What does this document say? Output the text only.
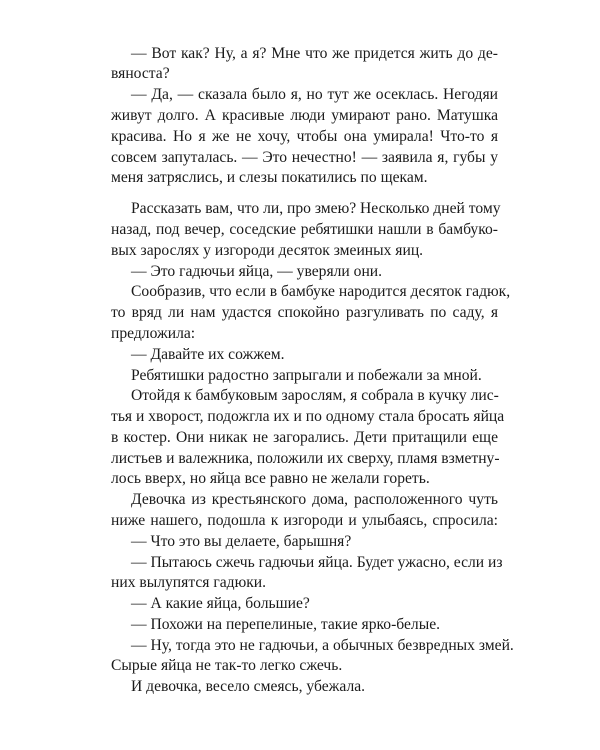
— Вот как? Ну, а я? Мне что же придется жить до де-
вяноста?
— Да, — сказала было я, но тут же осеклась. Негодяи
живут долго. А красивые люди умирают рано. Матушка
красива. Но я же не хочу, чтобы она умирала! Что-то я
совсем запуталась. — Это нечестно! — заявила я, губы у
меня затряслись, и слезы покатились по щекам.
Рассказать вам, что ли, про змею? Несколько дней тому
назад, под вечер, соседские ребятишки нашли в бамбуко-
вых зарослях у изгороди десяток змеиных яиц.
— Это гадючьи яйца, — уверяли они.
Сообразив, что если в бамбуке народится десяток гадюк,
то вряд ли нам удастся спокойно разгуливать по саду, я
предложила:
— Давайте их сожжем.
Ребятишки радостно запрыгали и побежали за мной.
Отойдя к бамбуковым зарослям, я собрала в кучку лис-
тья и хворост, подожгла их и по одному стала бросать яйца
в костер. Они никак не загорались. Дети притащили еще
листьев и валежника, положили их сверху, пламя взметну-
лось вверх, но яйца все равно не желали гореть.
Девочка из крестьянского дома, расположенного чуть
ниже нашего, подошла к изгороди и улыбаясь, спросила:
— Что это вы делаете, барышня?
— Пытаюсь сжечь гадючьи яйца. Будет ужасно, если из
них вылупятся гадюки.
— А какие яйца, большие?
— Похожи на перепелиные, такие ярко-белые.
— Ну, тогда это не гадючьи, а обычных безвредных змей.
Сырые яйца не так-то легко сжечь.
И девочка, весело смеясь, убежала.
